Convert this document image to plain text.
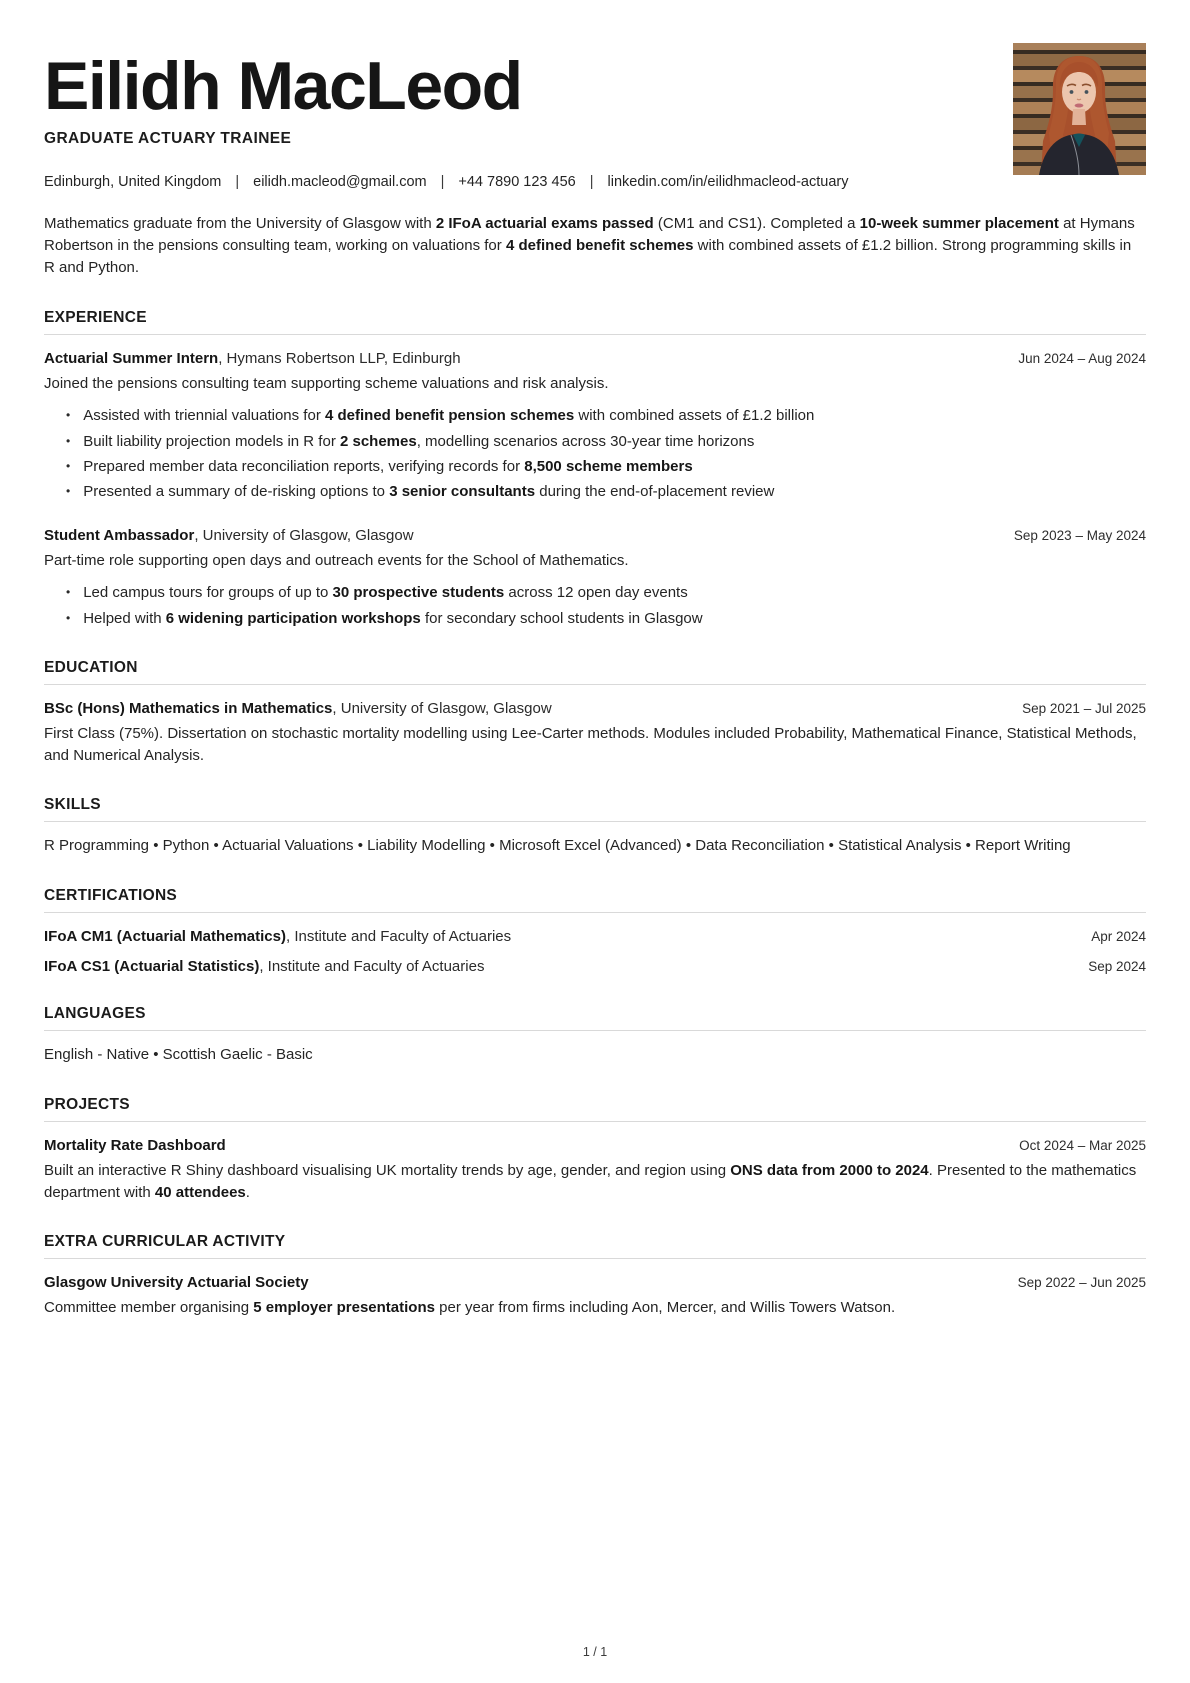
Eilidh MacLeod
GRADUATE ACTUARY TRAINEE
Edinburgh, United Kingdom | eilidh.macleod@gmail.com | +44 7890 123 456 | linkedin.com/in/eilidhmacleod-actuary

Mathematics graduate from the University of Glasgow with 2 IFoA actuarial exams passed (CM1 and CS1). Completed a 10-week summer placement at Hymans Robertson in the pensions consulting team, working on valuations for 4 defined benefit schemes with combined assets of £1.2 billion. Strong programming skills in R and Python.

EXPERIENCE
Actuarial Summer Intern, Hymans Robertson LLP, Edinburgh	Jun 2024 – Aug 2024
Joined the pensions consulting team supporting scheme valuations and risk analysis.
• Assisted with triennial valuations for 4 defined benefit pension schemes with combined assets of £1.2 billion
• Built liability projection models in R for 2 schemes, modelling scenarios across 30-year time horizons
• Prepared member data reconciliation reports, verifying records for 8,500 scheme members
• Presented a summary of de-risking options to 3 senior consultants during the end-of-placement review
Student Ambassador, University of Glasgow, Glasgow	Sep 2023 – May 2024
Part-time role supporting open days and outreach events for the School of Mathematics.
• Led campus tours for groups of up to 30 prospective students across 12 open day events
• Helped with 6 widening participation workshops for secondary school students in Glasgow
EDUCATION
BSc (Hons) Mathematics in Mathematics, University of Glasgow, Glasgow	Sep 2021 – Jul 2025
First Class (75%). Dissertation on stochastic mortality modelling using Lee-Carter methods. Modules included Probability, Mathematical Finance, Statistical Methods, and Numerical Analysis.
SKILLS
R Programming • Python • Actuarial Valuations • Liability Modelling • Microsoft Excel (Advanced) • Data Reconciliation • Statistical Analysis • Report Writing
CERTIFICATIONS
IFoA CM1 (Actuarial Mathematics), Institute and Faculty of Actuaries	Apr 2024
IFoA CS1 (Actuarial Statistics), Institute and Faculty of Actuaries	Sep 2024
LANGUAGES
English - Native • Scottish Gaelic - Basic
PROJECTS
Mortality Rate Dashboard	Oct 2024 – Mar 2025
Built an interactive R Shiny dashboard visualising UK mortality trends by age, gender, and region using ONS data from 2000 to 2024. Presented to the mathematics department with 40 attendees.
EXTRA CURRICULAR ACTIVITY
Glasgow University Actuarial Society	Sep 2022 – Jun 2025
Committee member organising 5 employer presentations per year from firms including Aon, Mercer, and Willis Towers Watson.
1 / 1
